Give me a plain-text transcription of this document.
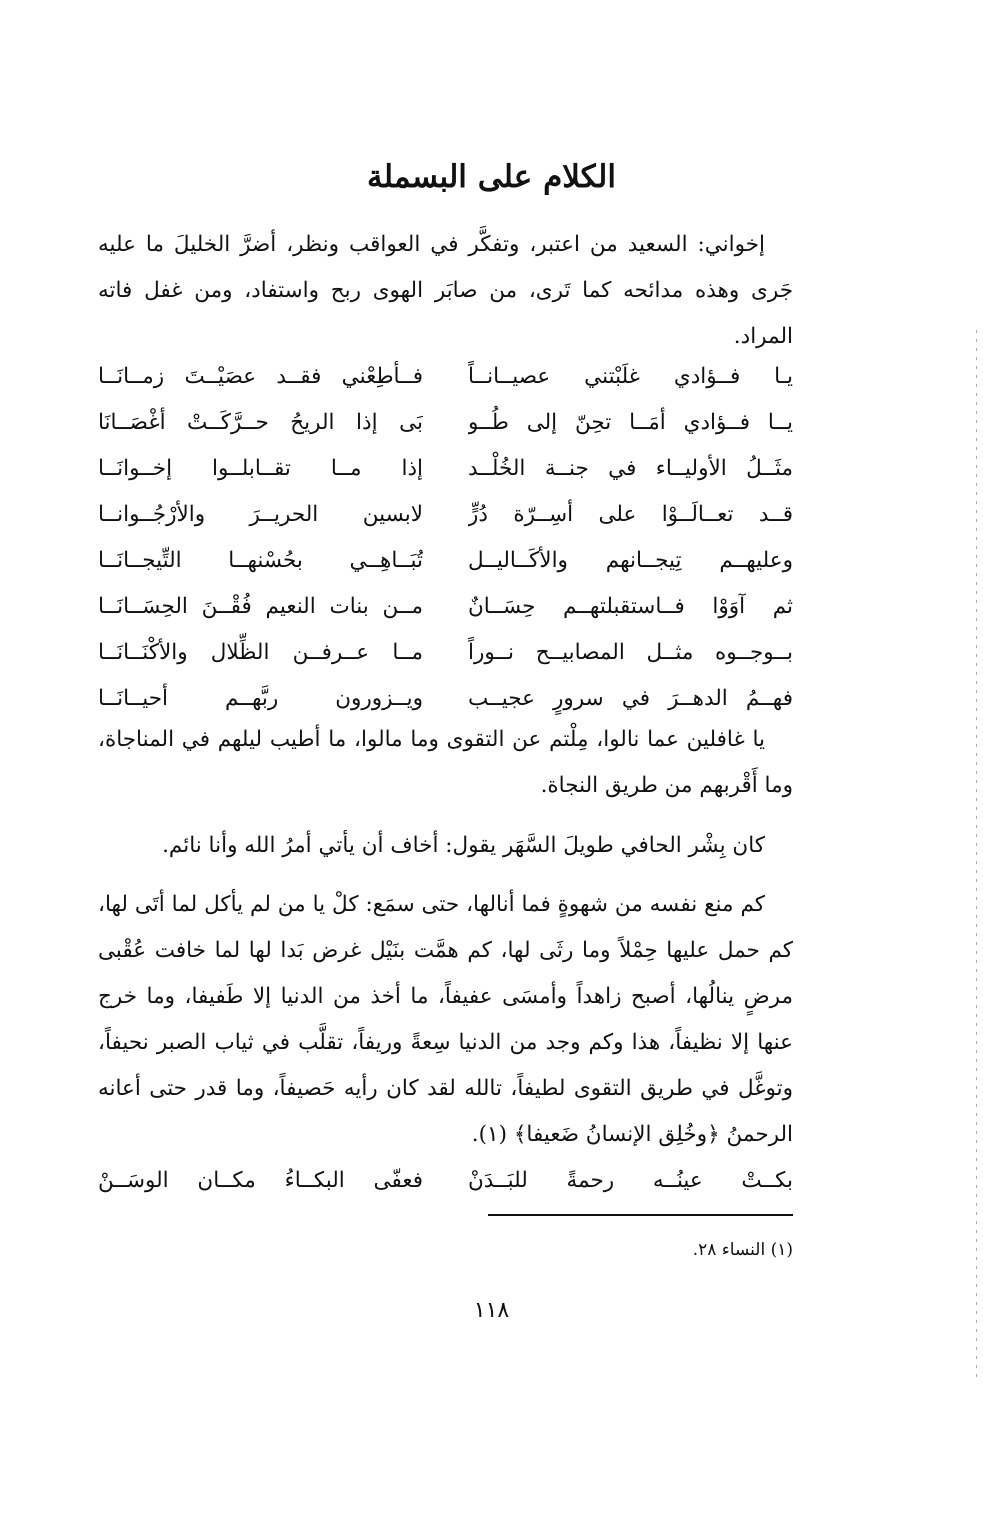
الكلام على البسملة
إخواني: السعيد من اعتبر، وتفكَّر في العواقب ونظر، أضرَّ الخليلَ ما عليه جَرى وهذه مدائحه كما تَرى، من صابَر الهوى ربح واستفاد، ومن غفل فاته المراد.
يـا فــؤادي غلَبْتني عصيــانــاً
فــأطِعْني فقــد عصَيْــتَ زمــانَــا
يــا فــؤادي أمَــا تحِنّ إلى طُــو
بَى إذا الريحُ حــرَّكَــتْ أغْصَــانَا
مثَــلُ الأوليــاء في جنــة الخُلْــد
إذا مــا تقــابلــوا إخــوانَــا
قــد تعــالَــوْا على أسِــرّة دُرٍّ
لابسين الحريــرَ والأرْجُــوانــا
وعليهــم تِيجــانهم والأكَــاليــل
تُبَــاهِــي بحُسْنهــا التِّيجــانَــا
ثم آوَوْا فــاستقبلتهــم حِسَــانٌ
مــن بنات النعيم فُقْــنَ الحِسَــانَــا
بــوجــوه مثــل المصابيــح نــوراً
مــا عــرفــن الظِّلال والأكْنَــانَــا
فهــمُ الدهــرَ في سرورٍ عجيــب
ويــزورون ربَّهــم أحيــانَــا
يا غافلين عما نالوا، مِلْتم عن التقوى وما مالوا، ما أطيب ليلهم في المناجاة، وما أَقْربهم من طريق النجاة.
كان بِشْر الحافي طويلَ السَّهَر يقول: أخاف أن يأتي أمرُ الله وأنا نائم.
كم منع نفسه من شهوةٍ فما أنالها، حتى سمَع: كلْ يا من لم يأكل لما أتَى لها، كم حمل عليها حِمْلاً وما رثَى لها، كم همَّت بنَيْل غرض بَدا لها لما خافت عُقْبى مرضٍ ينالُها، أصبح زاهداً وأمسَى عفيفاً، ما أخذ من الدنيا إلا طَفيفا، وما خرج عنها إلا نظيفاً، هذا وكم وجد من الدنيا سِعةً وريفاً، تقلَّب في ثياب الصبر نحيفاً، وتوغَّل في طريق التقوى لطيفاً، تالله لقد كان رأيه حَصيفاً، وما قدر حتى أعانه الرحمنُ ﴿وخُلِق الإنسانُ ضَعيفا﴾ (١).
بكــتْ عينُــه رحمةً للبَــدَنْ
فعفّى البكــاءُ مكــان الوسَــنْ
(١) النساء ٢٨.
١١٨
